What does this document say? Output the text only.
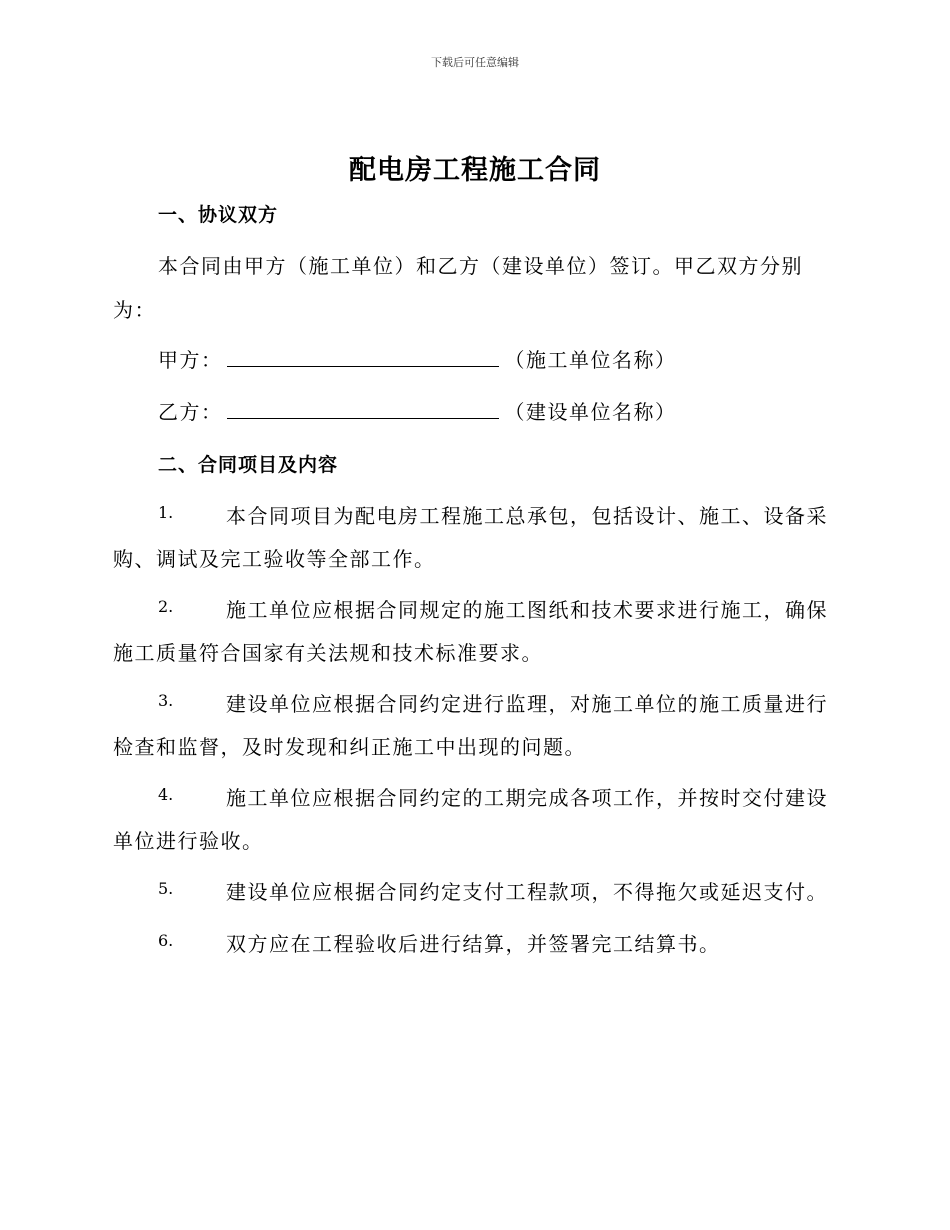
下载后可任意编辑
配电房工程施工合同
一、协议双方
本合同由甲方（施工单位）和乙方（建设单位）签订。甲乙双方分别
为：
甲方：	（施工单位名称）
乙方：	（建设单位名称）
二、合同项目及内容
1.	本合同项目为配电房工程施工总承包，包括设计、施工、设备采
购、调试及完工验收等全部工作。
2.	施工单位应根据合同规定的施工图纸和技术要求进行施工，确保
施工质量符合国家有关法规和技术标准要求。
3.	建设单位应根据合同约定进行监理，对施工单位的施工质量进行
检查和监督，及时发现和纠正施工中出现的问题。
4.	施工单位应根据合同约定的工期完成各项工作，并按时交付建设
单位进行验收。
5.	建设单位应根据合同约定支付工程款项，不得拖欠或延迟支付。
6.	双方应在工程验收后进行结算，并签署完工结算书。
